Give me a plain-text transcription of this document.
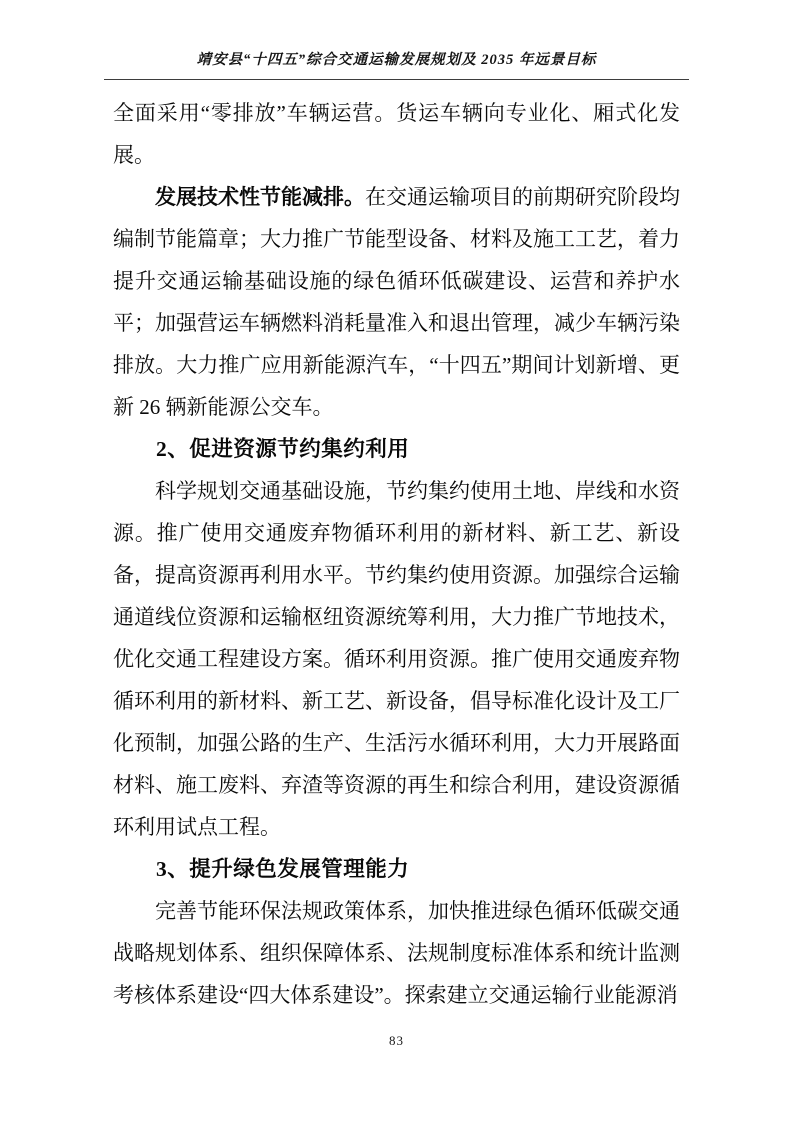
靖安县“十四五”综合交通运输发展规划及 2035 年远景目标

全面采用“零排放”车辆运营。货运车辆向专业化、厢式化发展。

发展技术性节能减排。在交通运输项目的前期研究阶段均编制节能篇章；大力推广节能型设备、材料及施工工艺，着力提升交通运输基础设施的绿色循环低碳建设、运营和养护水平；加强营运车辆燃料消耗量准入和退出管理，减少车辆污染排放。大力推广应用新能源汽车，“十四五”期间计划新增、更新 26 辆新能源公交车。

2、促进资源节约集约利用

科学规划交通基础设施，节约集约使用土地、岸线和水资源。推广使用交通废弃物循环利用的新材料、新工艺、新设备，提高资源再利用水平。节约集约使用资源。加强综合运输通道线位资源和运输枢纽资源统筹利用，大力推广节地技术，优化交通工程建设方案。循环利用资源。推广使用交通废弃物循环利用的新材料、新工艺、新设备，倡导标准化设计及工厂化预制，加强公路的生产、生活污水循环利用，大力开展路面材料、施工废料、弃渣等资源的再生和综合利用，建设资源循环利用试点工程。

3、提升绿色发展管理能力

完善节能环保法规政策体系，加快推进绿色循环低碳交通战略规划体系、组织保障体系、法规制度标准体系和统计监测考核体系建设“四大体系建设”。探索建立交通运输行业能源消

83
